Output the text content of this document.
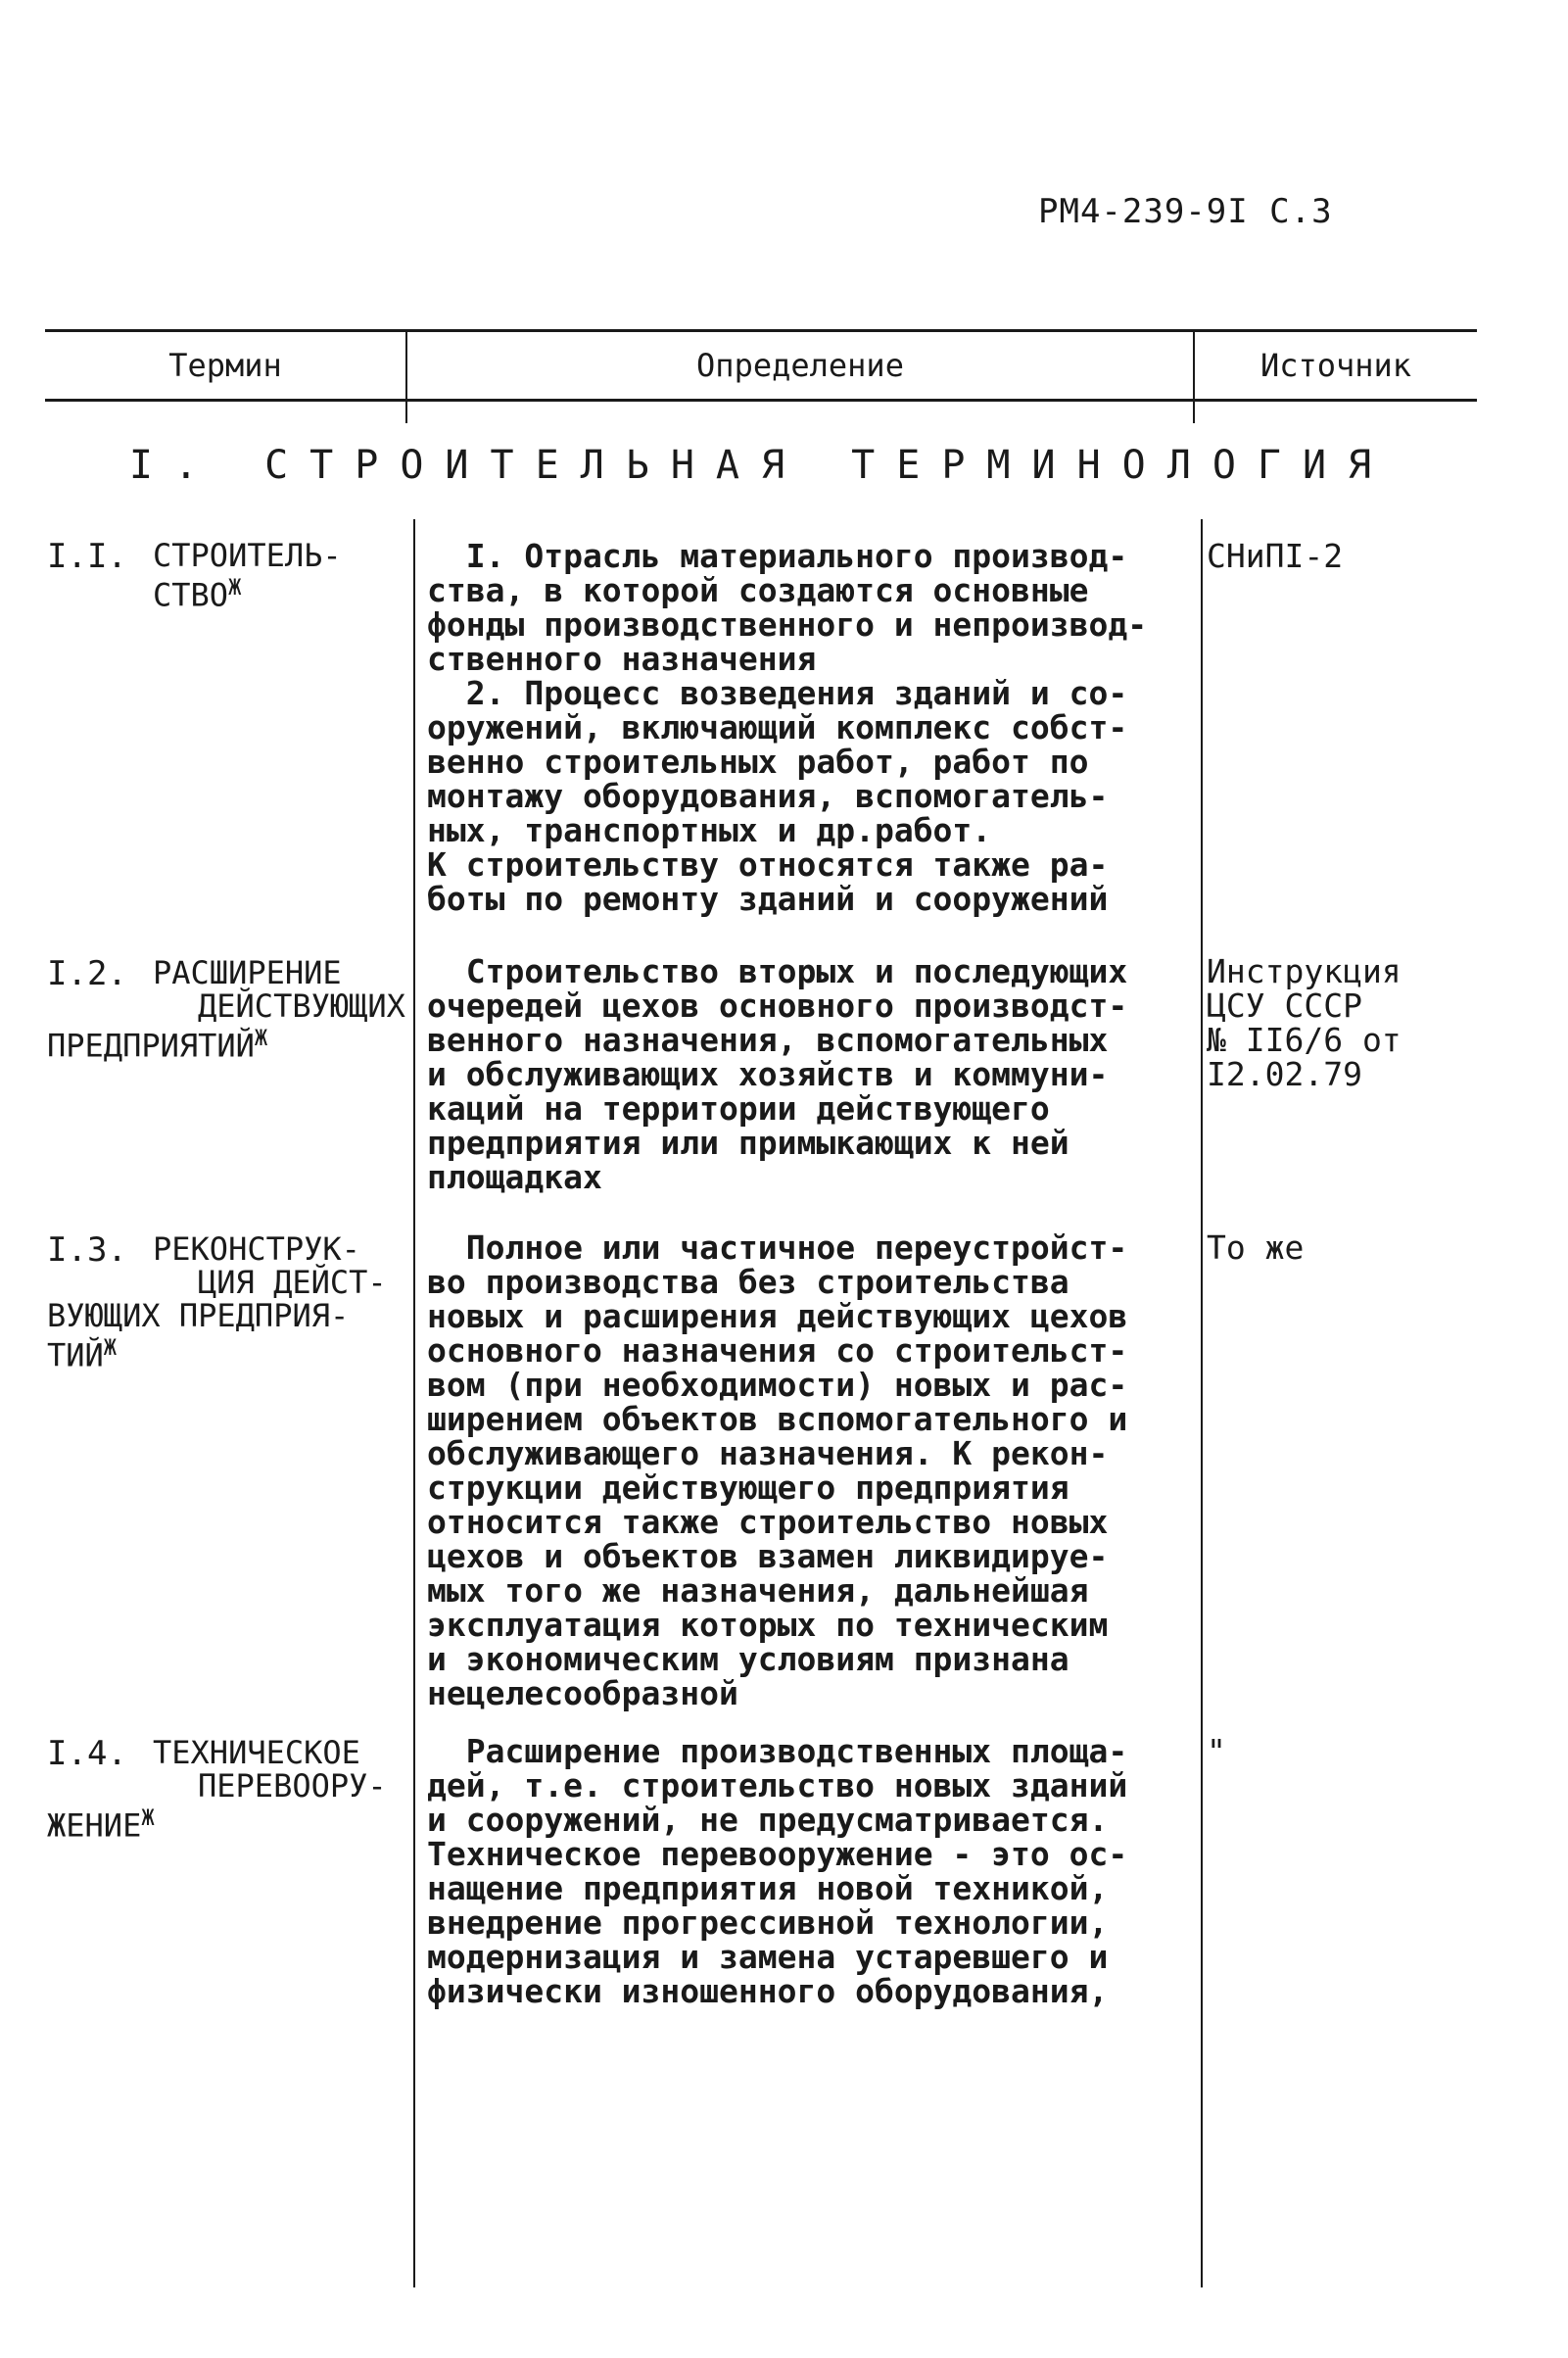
РМ4-239-9I С.3
Термин	Определение	Источник
I. СТРОИТЕЛЬНАЯ ТЕРМИНОЛОГИЯ
I.I. СТРОИТЕЛЬ-
$СТВО^Ж$
I. Отрасль материального производ-
ства, в которой создаются основные
фонды производственного и непроизвод-
ственного назначения
2. Процесс возведения зданий и со-
оружений, включающий комплекс собст-
венно строительных работ, работ по
монтажу оборудования, вспомогатель-
ных, транспортных и др.работ.
К строительству относятся также ра-
боты по ремонту зданий и сооружений
СНиПI-2
I.2. РАСШИРЕНИЕ
ДЕЙСТВУЮЩИХ
$ПРЕДПРИЯТИЙ^Ж$
Строительство вторых и последующих
очередей цехов основного производст-
венного назначения, вспомогательных
и обслуживающих хозяйств и коммуни-
каций на территории действующего
предприятия или примыкающих к ней
площадках
Инструкция
ЦСУ СССР
№ II6/6 от
I2.02.79
I.3. РЕКОНСТРУК-
ЦИЯ ДЕЙСТ-
ВУЮЩИХ ПРЕДПРИЯ-
$ТИЙ^Ж$
Полное или частичное переустройст-
во производства без строительства
новых и расширения действующих цехов
основного назначения со строительст-
вом (при необходимости) новых и рас-
ширением объектов вспомогательного и
обслуживающего назначения. К рекон-
струкции действующего предприятия
относится также строительство новых
цехов и объектов взамен ликвидируе-
мых того же назначения, дальнейшая
эксплуатация которых по техническим
и экономическим условиям признана
нецелесообразной
То же
I.4. ТЕХНИЧЕСКОЕ
ПЕРЕВООРУ-
$ЖЕНИЕ^Ж$
Расширение производственных площа-
дей, т.е. строительство новых зданий
и сооружений, не предусматривается.
Техническое перевооружение - это ос-
нащение предприятия новой техникой,
внедрение прогрессивной технологии,
модернизация и замена устаревшего и
физически изношенного оборудования,
"
